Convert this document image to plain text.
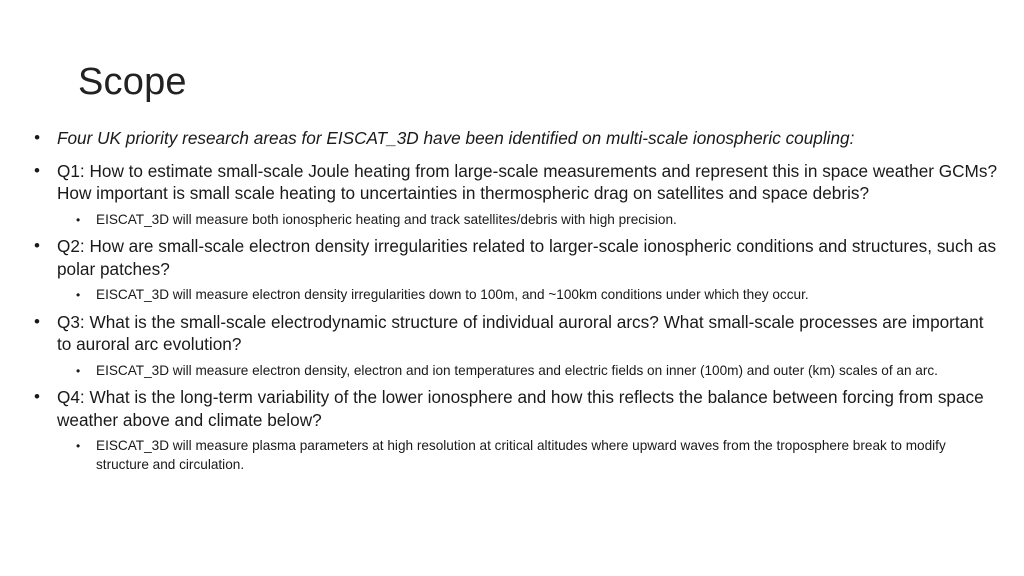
Scope
• Four UK priority research areas for EISCAT_3D have been identified on multi-scale ionospheric coupling:
• Q1: How to estimate small-scale Joule heating from large-scale measurements and represent this in space weather GCMs?
How important is small scale heating to uncertainties in thermospheric drag on satellites and space debris?
• EISCAT_3D will measure both ionospheric heating and track satellites/debris with high precision.
• Q2: How are small-scale electron density irregularities related to larger-scale ionospheric conditions and structures, such as polar patches?
• EISCAT_3D will measure electron density irregularities down to 100m, and ~100km conditions under which they occur.
• Q3: What is the small-scale electrodynamic structure of individual auroral arcs? What small-scale processes are important to auroral arc evolution?
• EISCAT_3D will measure electron density, electron and ion temperatures and electric fields on inner (100m) and outer (km) scales of an arc.
• Q4: What is the long-term variability of the lower ionosphere and how this reflects the balance between forcing from space weather above and climate below?
• EISCAT_3D will measure plasma parameters at high resolution at critical altitudes where upward waves from the troposphere break to modify structure and circulation.
